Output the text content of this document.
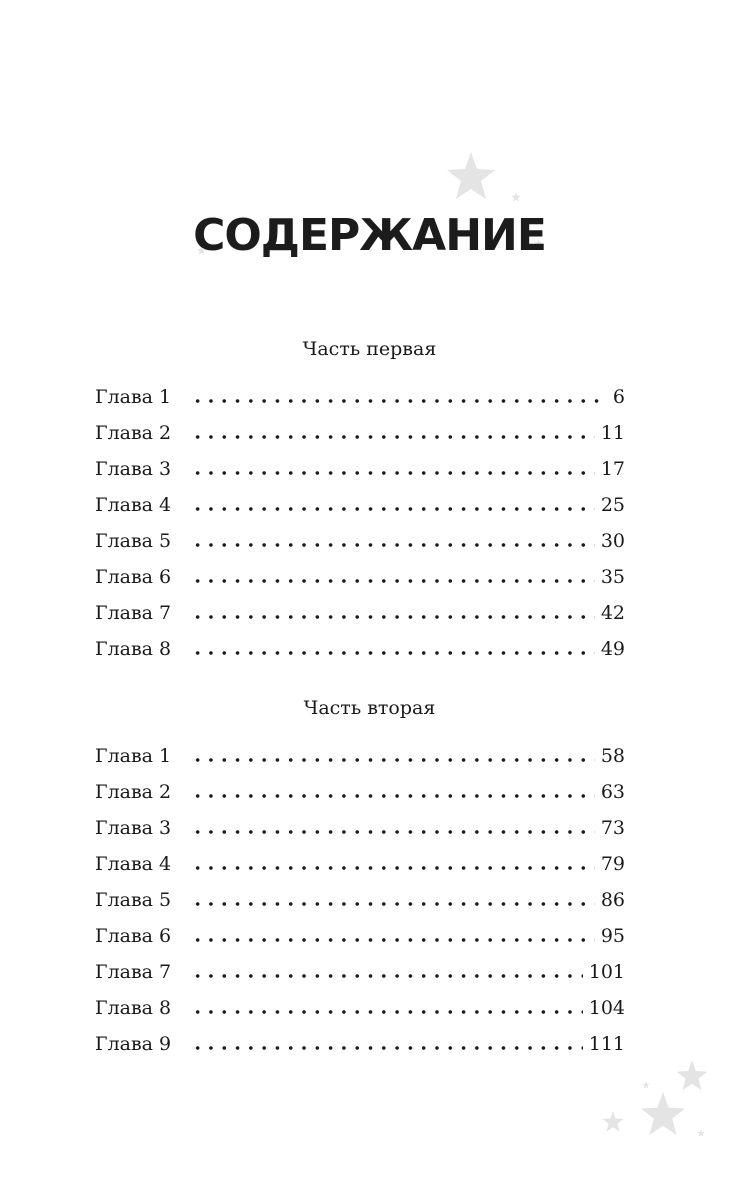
СОДЕРЖАНИЕ
Часть первая
Глава 1	6
Глава 2	11
Глава 3	17
Глава 4	25
Глава 5	30
Глава 6	35
Глава 7	42
Глава 8	49
Часть вторая
Глава 1	58
Глава 2	63
Глава 3	73
Глава 4	79
Глава 5	86
Глава 6	95
Глава 7	101
Глава 8	104
Глава 9	111
